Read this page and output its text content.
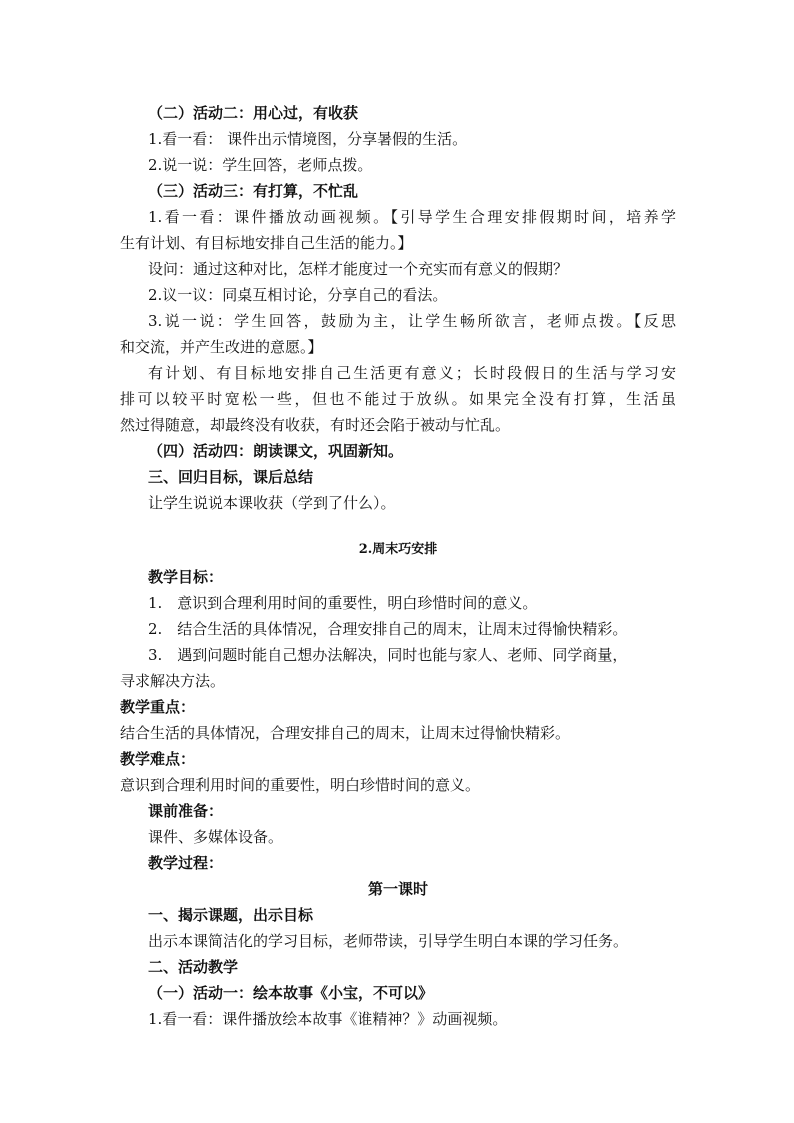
（二）活动二：用心过，有收获
1.看一看： 课件出示情境图，分享暑假的生活。
2.说一说：学生回答，老师点拨。
（三）活动三：有打算，不忙乱
1.看一看：课件播放动画视频。【引导学生合理安排假期时间，培养学
生有计划、有目标地安排自己生活的能力。】
设问：通过这种对比，怎样才能度过一个充实而有意义的假期？
2.议一议：同桌互相讨论，分享自己的看法。
3.说一说：学生回答，鼓励为主，让学生畅所欲言，老师点拨。【反思
和交流，并产生改进的意愿。】
有计划、有目标地安排自己生活更有意义；长时段假日的生活与学习安
排可以较平时宽松一些，但也不能过于放纵。如果完全没有打算，生活虽
然过得随意，却最终没有收获，有时还会陷于被动与忙乱。
（四）活动四：朗读课文，巩固新知。
三、回归目标，课后总结
让学生说说本课收获（学到了什么）。
2.周末巧安排
教学目标：
1.　意识到合理利用时间的重要性，明白珍惜时间的意义。
2.　结合生活的具体情况，合理安排自己的周末，让周末过得愉快精彩。
3.　遇到问题时能自己想办法解决，同时也能与家人、老师、同学商量，
寻求解决方法。
教学重点：
结合生活的具体情况，合理安排自己的周末，让周末过得愉快精彩。
教学难点：
意识到合理利用时间的重要性，明白珍惜时间的意义。
课前准备：
课件、多媒体设备。
教学过程：
第一课时
一、揭示课题，出示目标
出示本课简洁化的学习目标，老师带读，引导学生明白本课的学习任务。
二、活动教学
（一）活动一：绘本故事《小宝，不可以》
1.看一看：课件播放绘本故事《谁精神？》动画视频。
